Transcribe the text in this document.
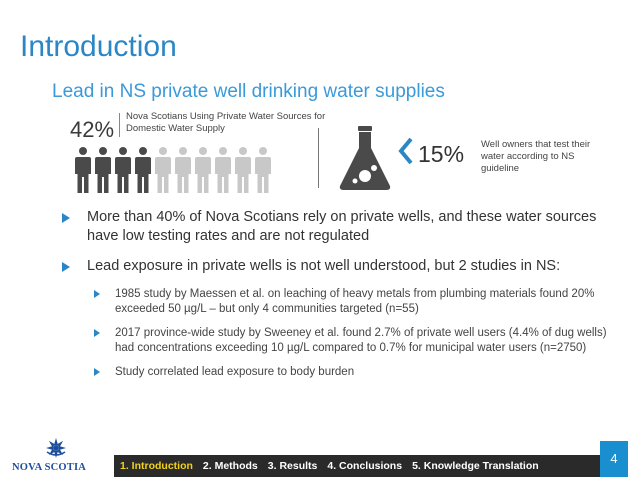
Introduction
Lead in NS private well drinking water supplies
42%
Nova Scotians Using Private Water Sources for Domestic Water Supply
15% Well owners that test their water according to NS guideline
More than 40% of Nova Scotians rely on private wells, and these water sources have low testing rates and are not regulated
Lead exposure in private wells is not well understood, but 2 studies in NS:
1985 study by Maessen et al. on leaching of heavy metals from plumbing materials found 20% exceeded 50 µg/L – but only 4 communities targeted (n=55)
2017 province-wide study by Sweeney et al. found 2.7% of private well users (4.4% of dug wells) had concentrations exceeding 10 µg/L compared to 0.7% for municipal water users (n=2750)
Study correlated lead exposure to body burden
NOVA SCOTIA	1. Introduction 2. Methods 3. Results 4. Conclusions 5. Knowledge Translation	4
